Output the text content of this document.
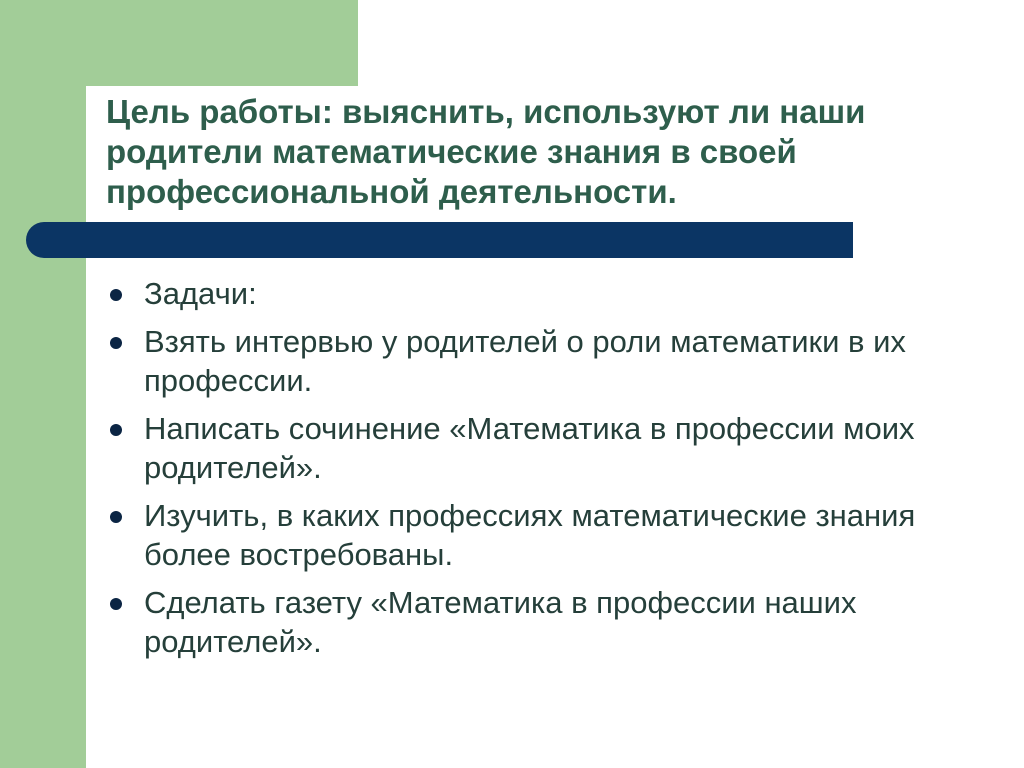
Цель работы: выяснить, используют ли наши
родители математические знания в своей
профессиональной деятельности.
Задачи:
Взять интервью у родителей о роли математики в их профессии.
Написать сочинение «Математика в профессии моих родителей».
Изучить, в каких профессиях математические знания более востребованы.
Сделать газету «Математика в профессии наших родителей».
